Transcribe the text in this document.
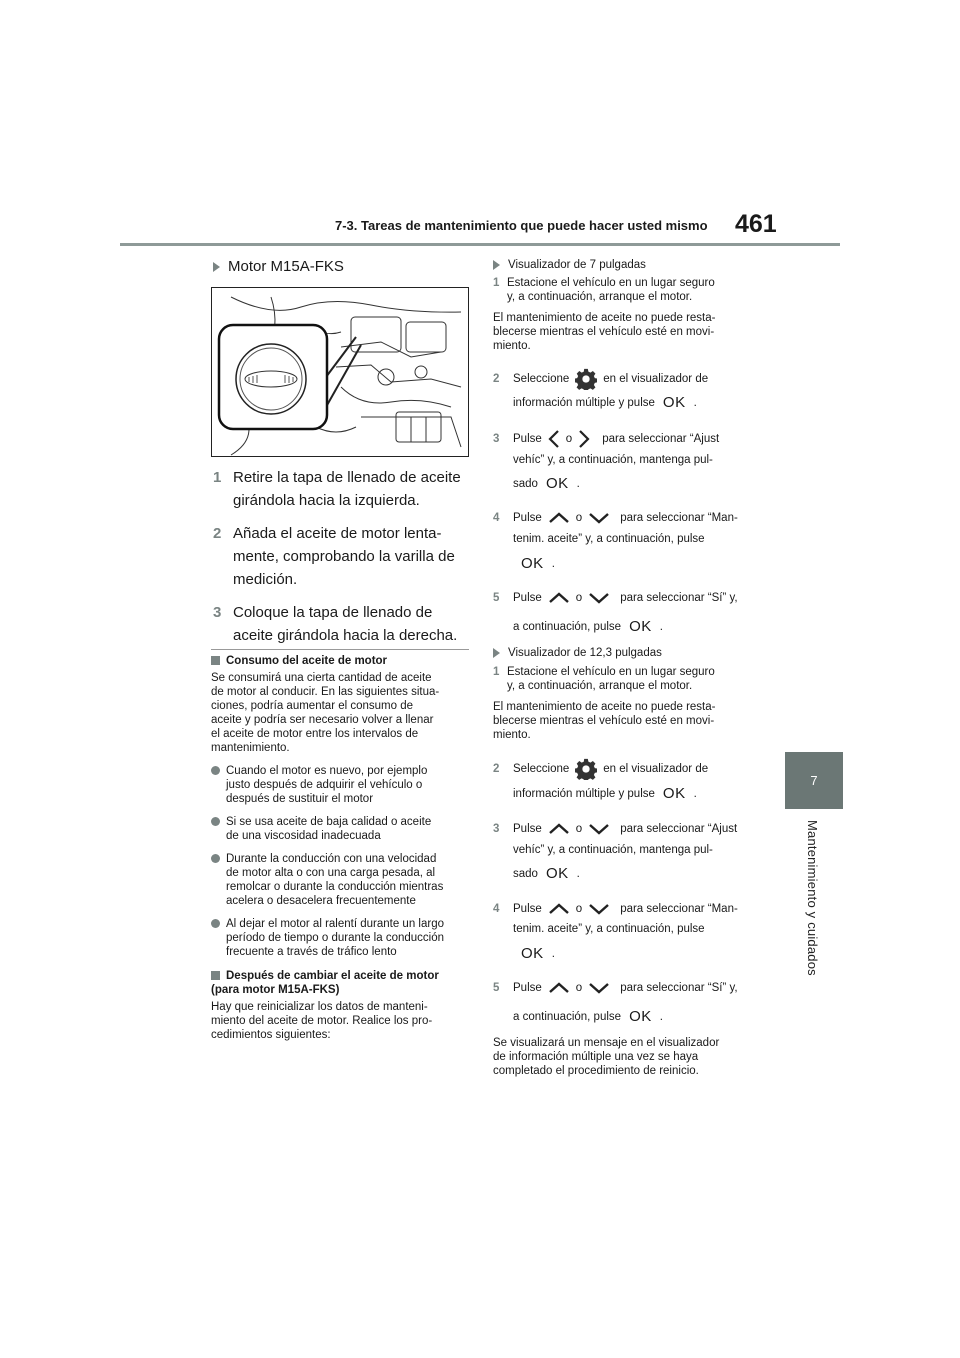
7-3. Tareas de mantenimiento que puede hacer usted mismo 461
7
Mantenimiento y cuidados
Motor M15A-FKS
1 Retire la tapa de llenado de aceite
girándola hacia la izquierda.
2 Añada el aceite de motor lenta-
mente, comprobando la varilla de
medición.
3 Coloque la tapa de llenado de
aceite girándola hacia la derecha.
Consumo del aceite de motor
Se consumirá una cierta cantidad de aceite
de motor al conducir. En las siguientes situa-
ciones, podría aumentar el consumo de
aceite y podría ser necesario volver a llenar
el aceite de motor entre los intervalos de
mantenimiento.
Cuando el motor es nuevo, por ejemplo
justo después de adquirir el vehículo o
después de sustituir el motor
Si se usa aceite de baja calidad o aceite
de una viscosidad inadecuada
Durante la conducción con una velocidad
de motor alta o con una carga pesada, al
remolcar o durante la conducción mientras
acelera o desacelera frecuentemente
Al dejar el motor al ralentí durante un largo
período de tiempo o durante la conducción
frecuente a través de tráfico lento
Después de cambiar el aceite de motor
(para motor M15A-FKS)
Hay que reinicializar los datos de manteni-
miento del aceite de motor. Realice los pro-
cedimientos siguientes:
Visualizador de 7 pulgadas
1 Estacione el vehículo en un lugar seguro
y, a continuación, arranque el motor.
El mantenimiento de aceite no puede resta-
blecerse mientras el vehículo esté en movi-
miento.
2	Seleccione	en el visualizador de
información múltiple y pulse OK .
3	Pulse o	para seleccionar “Ajust
vehíc” y, a continuación, mantenga pul-
sado OK .
4	Pulse	o	para seleccionar “Man-
tenim. aceite” y, a continuación, pulse
OK .
5	Pulse	o	para seleccionar “Sí” y,
a continuación, pulse OK .
Visualizador de 12,3 pulgadas
1 Estacione el vehículo en un lugar seguro
y, a continuación, arranque el motor.
El mantenimiento de aceite no puede resta-
blecerse mientras el vehículo esté en movi-
miento.
2	Seleccione	en el visualizador de
información múltiple y pulse OK .
3	Pulse	o	para seleccionar “Ajust
vehíc” y, a continuación, mantenga pul-
sado OK .
4	Pulse	o	para seleccionar “Man-
tenim. aceite” y, a continuación, pulse
OK .
5	Pulse	o	para seleccionar “Sí” y,
a continuación, pulse OK .
Se visualizará un mensaje en el visualizador
de información múltiple una vez se haya
completado el procedimiento de reinicio.
